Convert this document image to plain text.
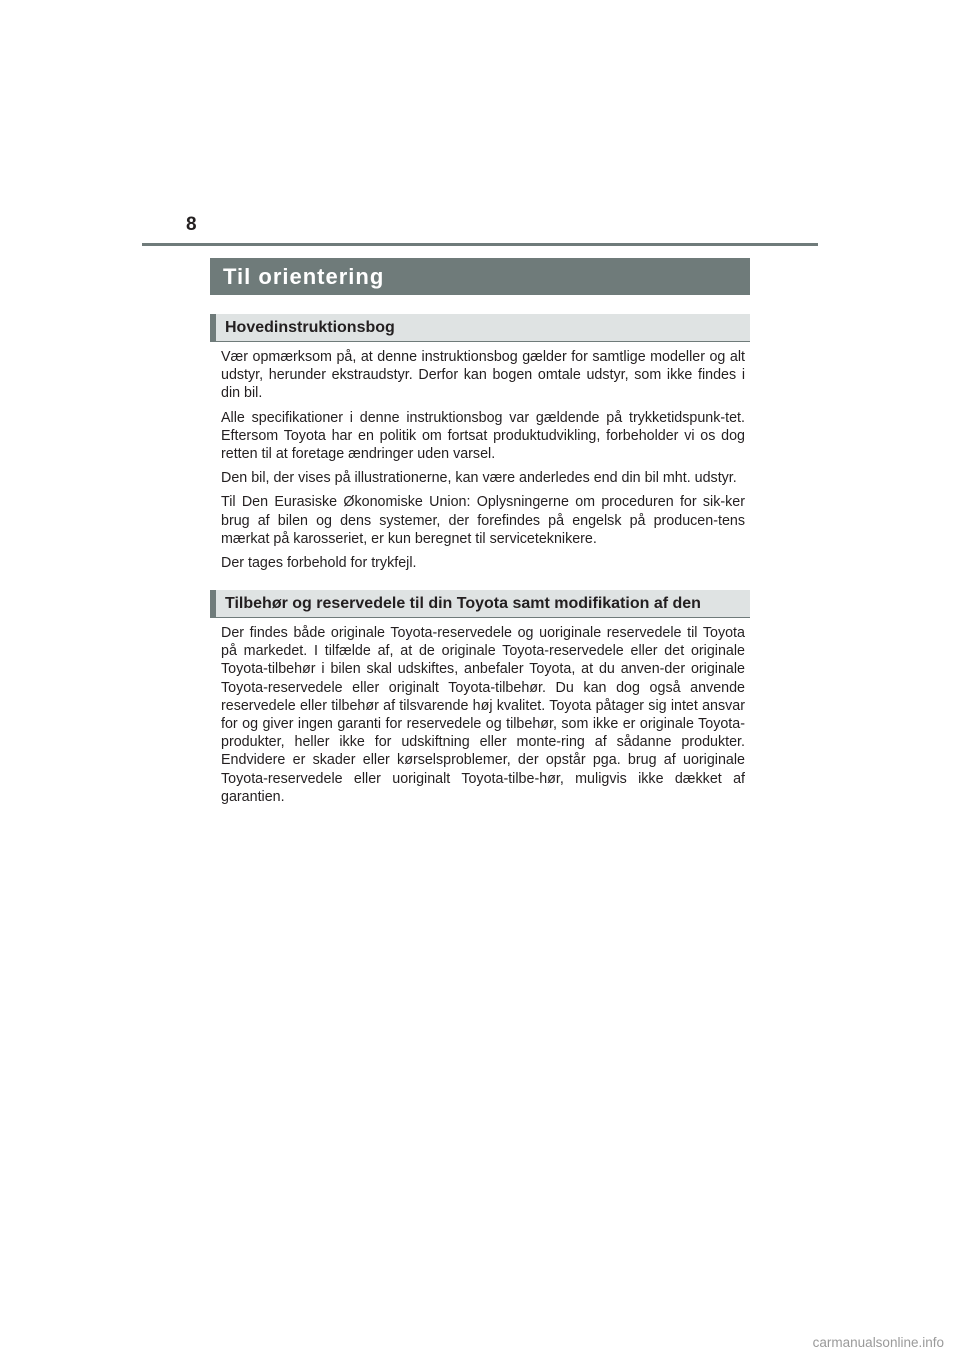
8
Til orientering
Hovedinstruktionsbog

Vær opmærksom på, at denne instruktionsbog gælder for samtlige modeller og alt udstyr, herunder ekstraudstyr. Derfor kan bogen omtale udstyr, som ikke findes i din bil.

Alle specifikationer i denne instruktionsbog var gældende på trykketidspunk-tet. Eftersom Toyota har en politik om fortsat produktudvikling, forbeholder vi os dog retten til at foretage ændringer uden varsel.

Den bil, der vises på illustrationerne, kan være anderledes end din bil mht. udstyr.

Til Den Eurasiske Økonomiske Union: Oplysningerne om proceduren for sik-ker brug af bilen og dens systemer, der forefindes på engelsk på producen-tens mærkat på karosseriet, er kun beregnet til serviceteknikere.

Der tages forbehold for trykfejl.

Tilbehør og reservedele til din Toyota samt modifikation af den

Der findes både originale Toyota-reservedele og uoriginale reservedele til Toyota på markedet. I tilfælde af, at de originale Toyota-reservedele eller det originale Toyota-tilbehør i bilen skal udskiftes, anbefaler Toyota, at du anven-der originale Toyota-reservedele eller originalt Toyota-tilbehør. Du kan dog også anvende reservedele eller tilbehør af tilsvarende høj kvalitet. Toyota påtager sig intet ansvar for og giver ingen garanti for reservedele og tilbehør, som ikke er originale Toyota-produkter, heller ikke for udskiftning eller monte-ring af sådanne produkter. Endvidere er skader eller kørselsproblemer, der opstår pga. brug af uoriginale Toyota-reservedele eller uoriginalt Toyota-tilbe-hør, muligvis ikke dækket af garantien.

carmanualsonline.info
